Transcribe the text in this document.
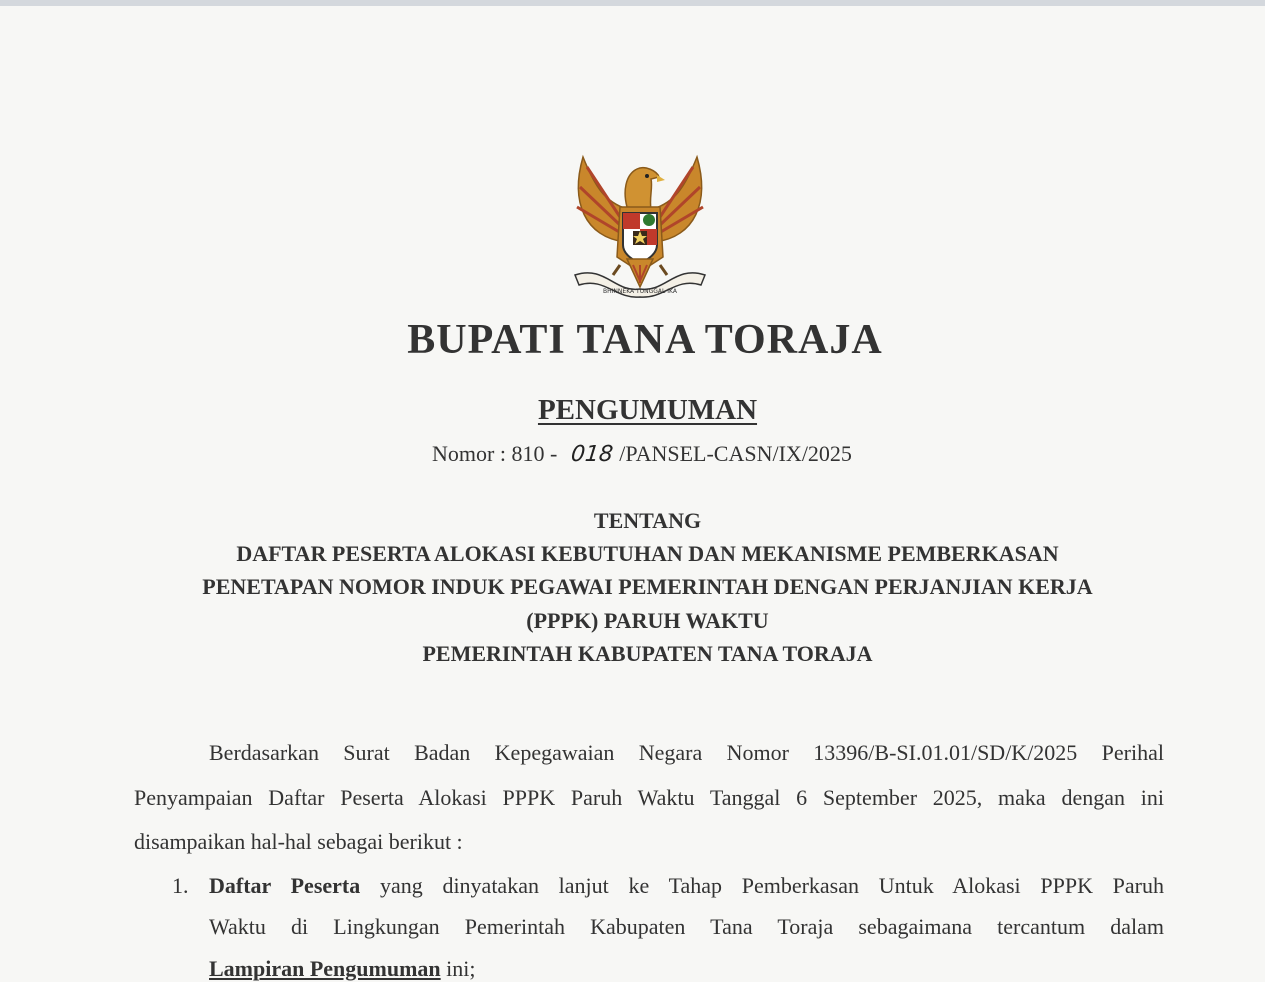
BHINNEKA TUNGGAL IKA
BUPATI TANA TORAJA
PENGUMUMAN
Nomor : 810 - 018 /PANSEL-CASN/IX/2025
TENTANG
DAFTAR PESERTA ALOKASI KEBUTUHAN DAN MEKANISME PEMBERKASAN
PENETAPAN NOMOR INDUK PEGAWAI PEMERINTAH DENGAN PERJANJIAN KERJA
(PPPK) PARUH WAKTU
PEMERINTAH KABUPATEN TANA TORAJA
Berdasarkan Surat Badan Kepegawaian Negara Nomor 13396/B-SI.01.01/SD/K/2025 Perihal
Penyampaian Daftar Peserta Alokasi PPPK Paruh Waktu Tanggal 6 September 2025, maka dengan ini
disampaikan hal-hal sebagai berikut :
1. Daftar Peserta yang dinyatakan lanjut ke Tahap Pemberkasan Untuk Alokasi PPPK Paruh
Waktu di Lingkungan Pemerintah Kabupaten Tana Toraja sebagaimana tercantum dalam
Lampiran Pengumuman ini;
